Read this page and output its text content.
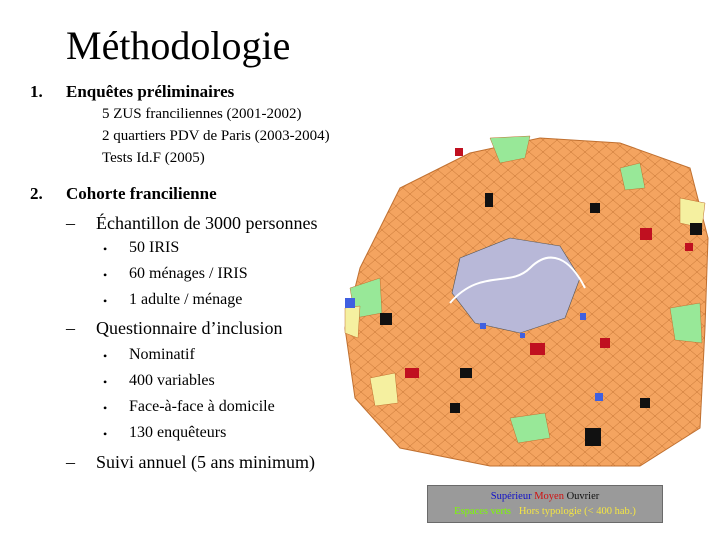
Méthodologie
1. Enquêtes préliminaires
5 ZUS franciliennes (2001-2002)
2 quartiers PDV de Paris (2003-2004)
Tests Id.F (2005)
2. Cohorte francilienne
– Échantillon de 3000 personnes
• 50 IRIS
• 60 ménages / IRIS
• 1 adulte / ménage
– Questionnaire d’inclusion
• Nominatif
• 400 variables
• Face-à-face à domicile
• 130 enquêteurs
– Suivi annuel (5 ans minimum)
Supérieur Moyen Ouvrier
Espaces verts Hors typologie (< 400 hab.)
